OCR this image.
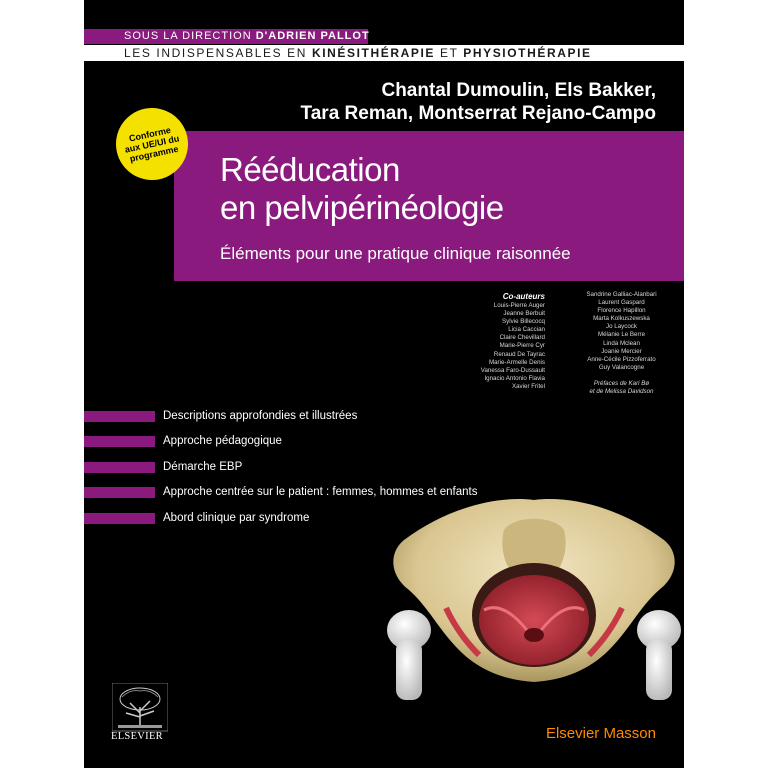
SOUS LA DIRECTION D'ADRIEN PALLOT
LES INDISPENSABLES EN KINÉSITHÉRAPIE ET PHYSIOTHÉRAPIE
Chantal Dumoulin, Els Bakker,
Tara Reman, Montserrat Rejano-Campo
Conforme aux UE/UI du programme Rééducation
en pelvipérinéologie
Éléments pour une pratique clinique raisonnée
Co-auteurs
Louis-Pierre Auger
Jeanne Berbuit
Sylvie Billecocq
Licia Caccian
Claire Chevillard
Marie-Pierre Cyr
Renaud De Tayrac
Marie-Armelle Denis
Vanessa Faro-Dussault
Ignacio Antonio Flavia
Xavier Fritel
Sandrine Galliac-Alanbari
Laurent Gaspard
Florence Hapillon
Marta Kolkuszewska
Jo Laycock
Mélanie Le Berre
Linda Mclean
Joanie Mercier
Anne-Cécile Pizzoferrato
Guy Valancogne
Préfaces de Kari Bø
et de Melissa Davidson
Descriptions approfondies et illustrées
Approche pédagogique
Démarche EBP
Approche centrée sur le patient : femmes, hommes et enfants
Abord clinique par syndrome
ELSEVIER	Elsevier Masson
